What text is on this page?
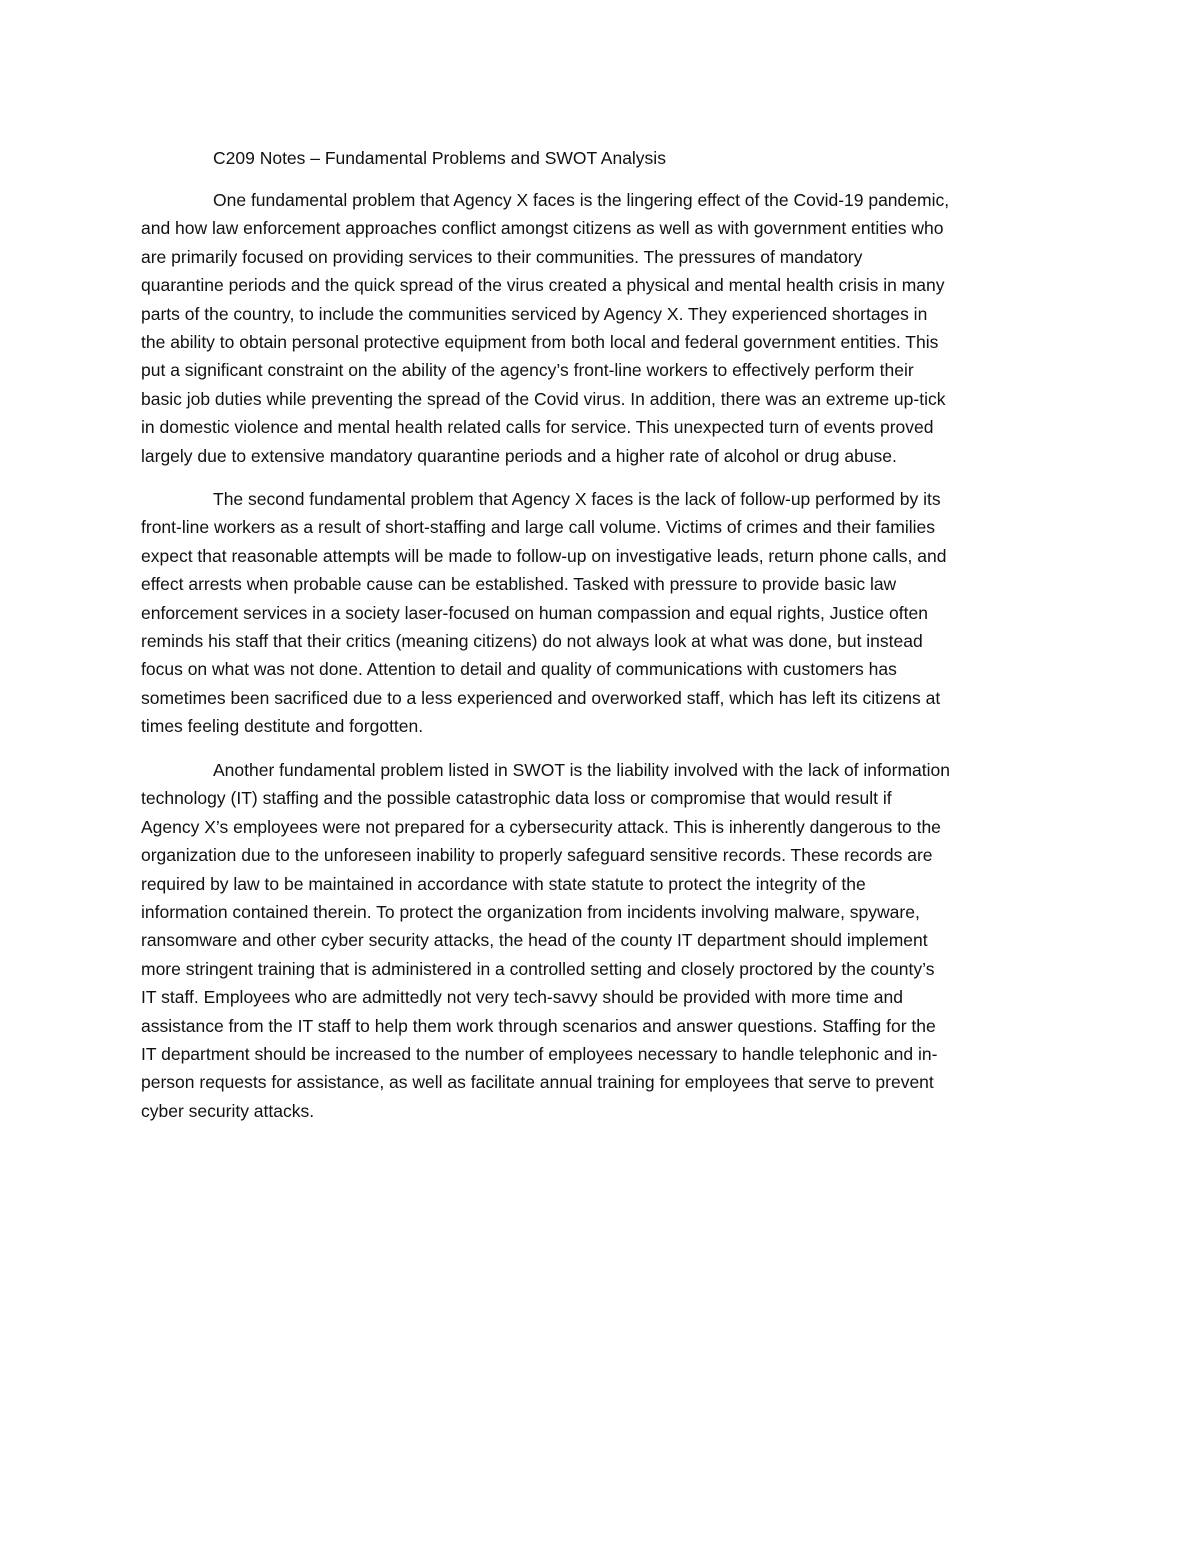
C209 Notes – Fundamental Problems and SWOT Analysis
One fundamental problem that Agency X faces is the lingering effect of the Covid-19 pandemic,
and how law enforcement approaches conflict amongst citizens as well as with government entities who
are primarily focused on providing services to their communities. The pressures of mandatory
quarantine periods and the quick spread of the virus created a physical and mental health crisis in many
parts of the country, to include the communities serviced by Agency X. They experienced shortages in
the ability to obtain personal protective equipment from both local and federal government entities. This
put a significant constraint on the ability of the agency’s front-line workers to effectively perform their
basic job duties while preventing the spread of the Covid virus. In addition, there was an extreme up-tick
in domestic violence and mental health related calls for service. This unexpected turn of events proved
largely due to extensive mandatory quarantine periods and a higher rate of alcohol or drug abuse.
The second fundamental problem that Agency X faces is the lack of follow-up performed by its
front-line workers as a result of short-staffing and large call volume. Victims of crimes and their families
expect that reasonable attempts will be made to follow-up on investigative leads, return phone calls, and
effect arrests when probable cause can be established. Tasked with pressure to provide basic law
enforcement services in a society laser-focused on human compassion and equal rights, Justice often
reminds his staff that their critics (meaning citizens) do not always look at what was done, but instead
focus on what was not done. Attention to detail and quality of communications with customers has
sometimes been sacrificed due to a less experienced and overworked staff, which has left its citizens at
times feeling destitute and forgotten.
Another fundamental problem listed in SWOT is the liability involved with the lack of information
technology (IT) staffing and the possible catastrophic data loss or compromise that would result if
Agency X’s employees were not prepared for a cybersecurity attack. This is inherently dangerous to the
organization due to the unforeseen inability to properly safeguard sensitive records. These records are
required by law to be maintained in accordance with state statute to protect the integrity of the
information contained therein. To protect the organization from incidents involving malware, spyware,
ransomware and other cyber security attacks, the head of the county IT department should implement
more stringent training that is administered in a controlled setting and closely proctored by the county’s
IT staff. Employees who are admittedly not very tech-savvy should be provided with more time and
assistance from the IT staff to help them work through scenarios and answer questions. Staffing for the
IT department should be increased to the number of employees necessary to handle telephonic and in-
person requests for assistance, as well as facilitate annual training for employees that serve to prevent
cyber security attacks.
